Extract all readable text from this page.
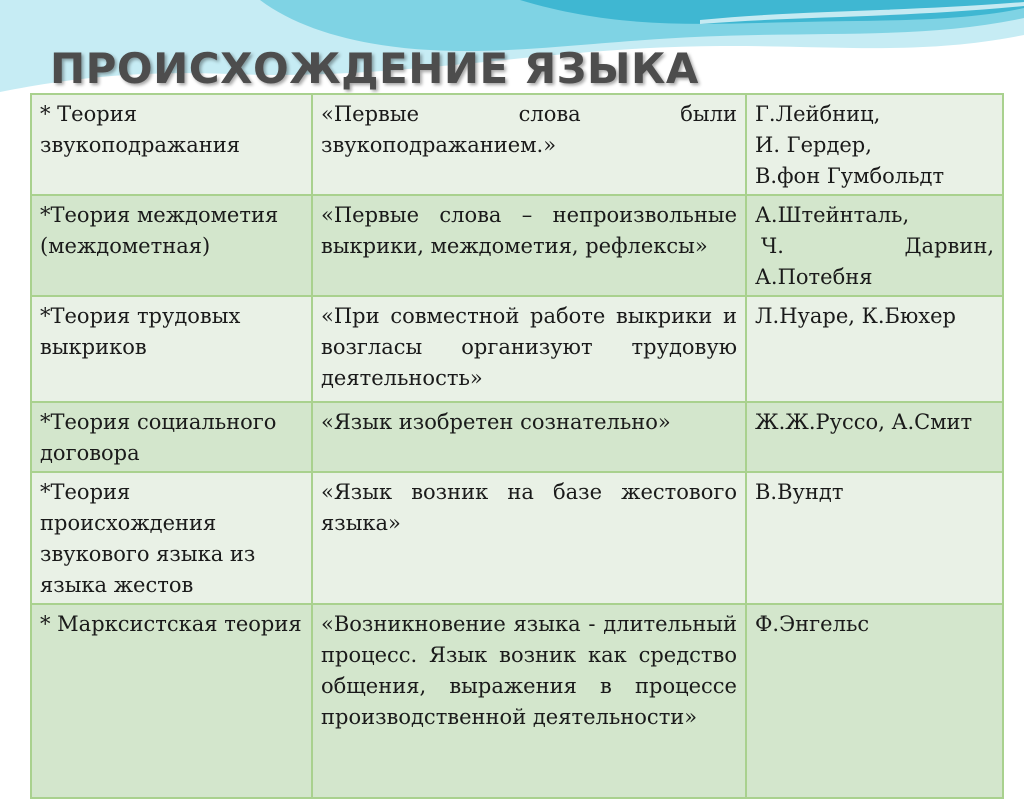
ПРОИСХОЖДЕНИЕ ЯЗЫКА
* Теория звукоподражания	«Первые слова были звукоподражанием.»	Г.Лейбниц,
И. Гердер,
В.фон Гумбольдт

*Теория междометия (междометная)	«Первые слова – непроизвольные выкрики, междометия, рефлексы»	А.Штейнталь,
Ч. Дарвин,
А.Потебня

*Теория трудовых выкриков	«При совместной работе выкрики и возгласы организуют трудовую деятельность»	Л.Нуаре, К.Бюхер

*Теория социального договора	«Язык изобретен сознательно»	Ж.Ж.Руссо, А.Смит

*Теория происхождения звукового языка из языка жестов	«Язык возник на базе жестового языка»	В.Вундт

* Марксистская теория	«Возникновение языка - длительный процесс. Язык возник как средство общения, выражения в процессе производственной деятельности»	Ф.Энгельс
